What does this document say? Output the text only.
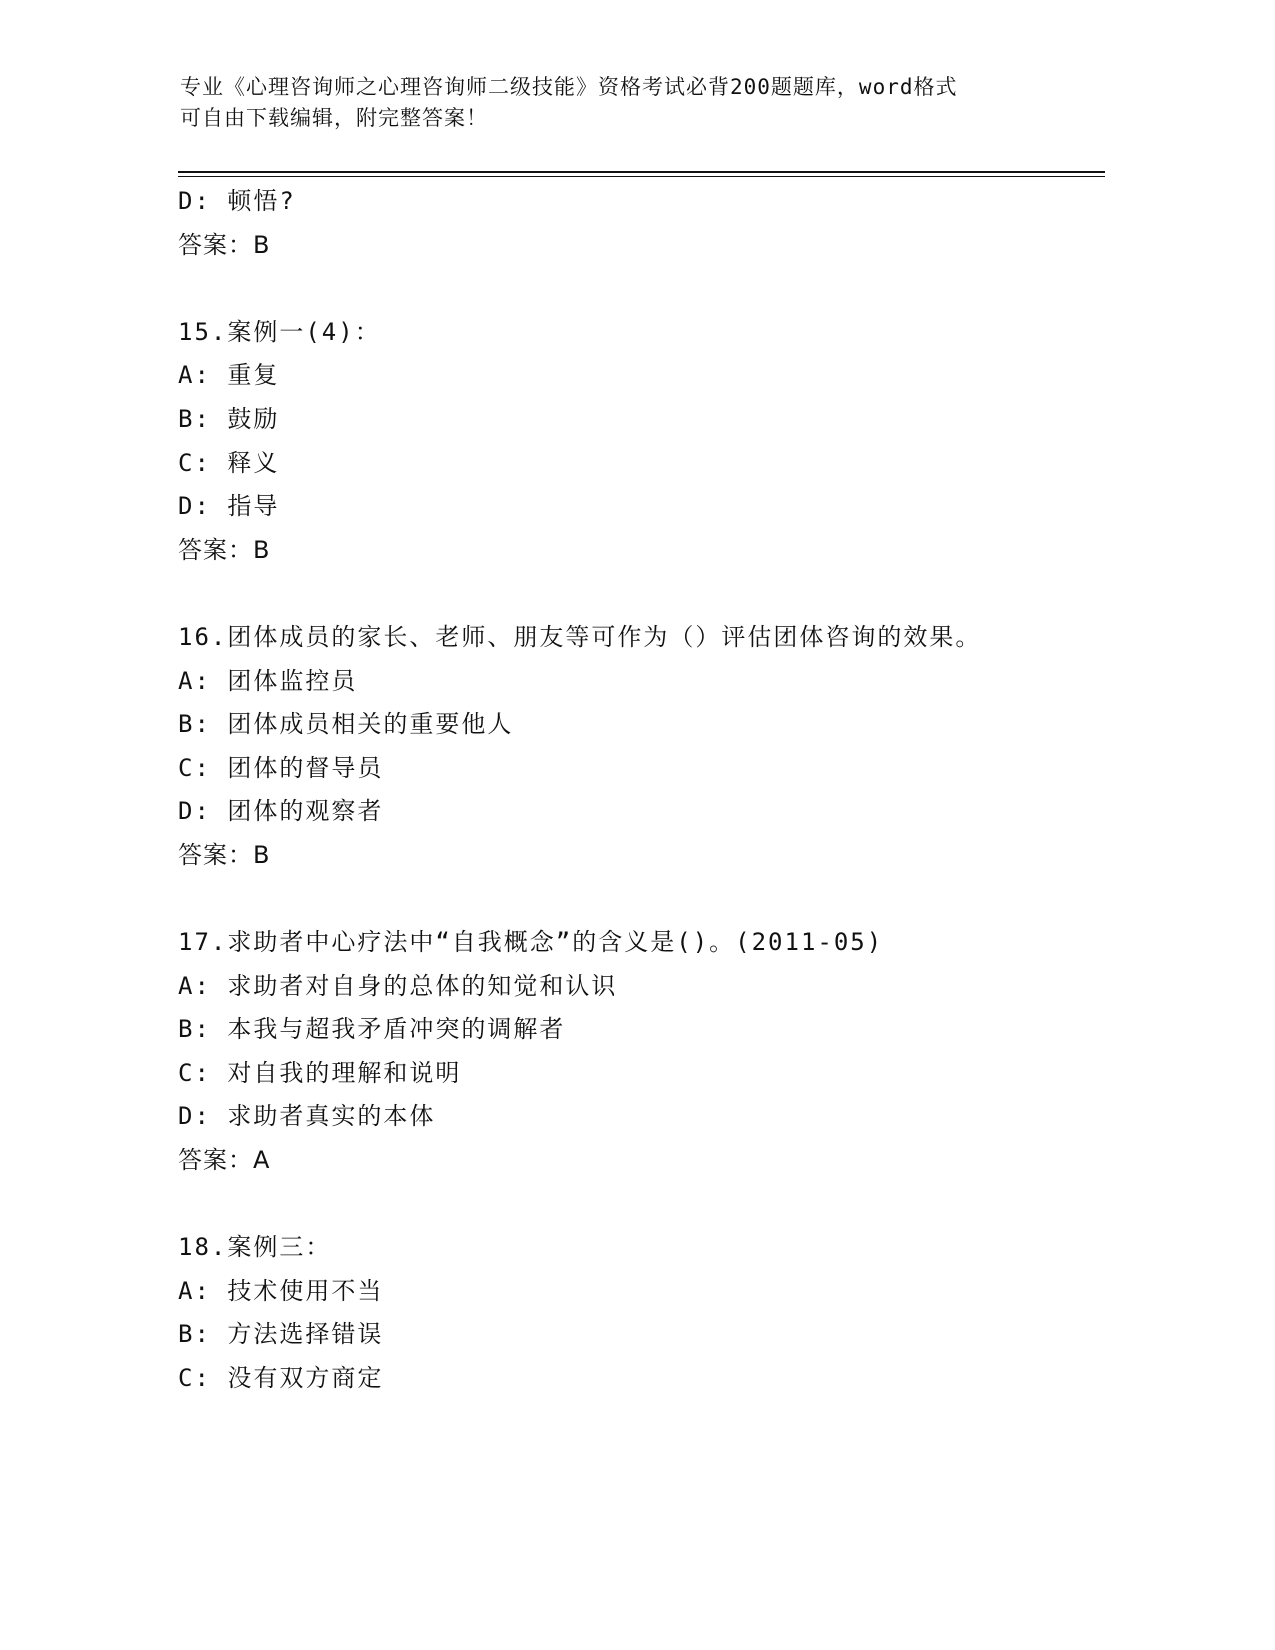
专业《心理咨询师之心理咨询师二级技能》资格考试必背200题题库，word格式
可自由下载编辑，附完整答案！
D: 顿悟?
答案：B
15.案例一(4)：
A: 重复
B: 鼓励
C: 释义
D: 指导
答案：B
16.团体成员的家长、老师、朋友等可作为（）评估团体咨询的效果。
A: 团体监控员
B: 团体成员相关的重要他人
C: 团体的督导员
D: 团体的观察者
答案：B
17.求助者中心疗法中“自我概念”的含义是()。(2011-05)
A: 求助者对自身的总体的知觉和认识
B: 本我与超我矛盾冲突的调解者
C: 对自我的理解和说明
D: 求助者真实的本体
答案：A
18.案例三：
A: 技术使用不当
B: 方法选择错误
C: 没有双方商定
